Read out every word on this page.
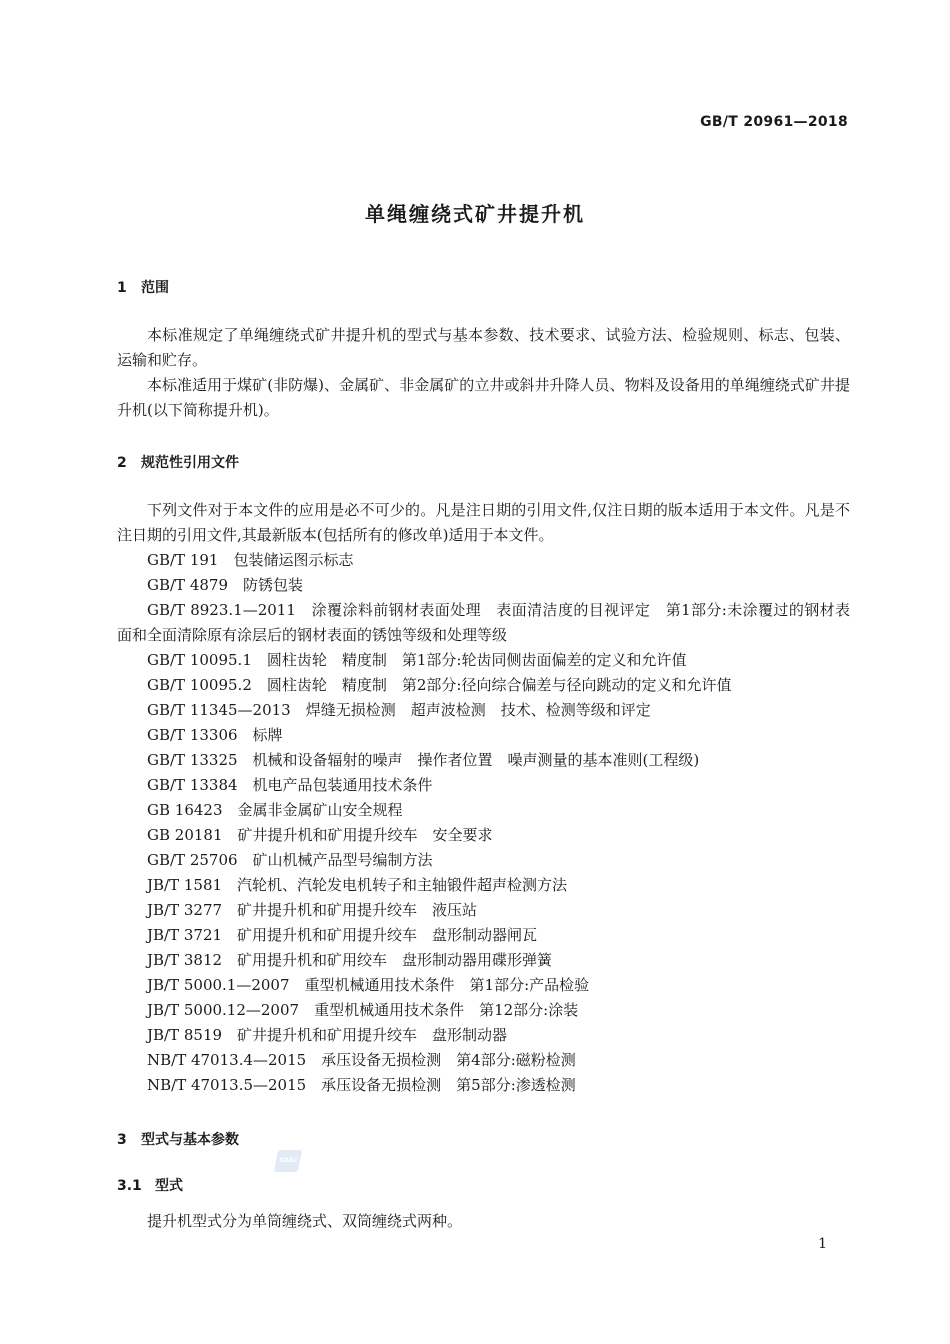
GB/T 20961—2018
单绳缠绕式矿井提升机
1 范围

本标准规定了单绳缠绕式矿井提升机的型式与基本参数、技术要求、试验方法、检验规则、标志、包装、运输和贮存。

本标准适用于煤矿(非防爆)、金属矿、非金属矿的立井或斜井升降人员、物料及设备用的单绳缠绕式矿井提升机(以下简称提升机)。

2 规范性引用文件

下列文件对于本文件的应用是必不可少的。凡是注日期的引用文件,仅注日期的版本适用于本文件。凡是不注日期的引用文件,其最新版本(包括所有的修改单)适用于本文件。

GB/T 191　包装储运图示标志

GB/T 4879　防锈包装

GB/T 8923.1—2011　涂覆涂料前钢材表面处理　表面清洁度的目视评定　第1部分:未涂覆过的钢材表面和全面清除原有涂层后的钢材表面的锈蚀等级和处理等级

GB/T 10095.1　圆柱齿轮　精度制　第1部分:轮齿同侧齿面偏差的定义和允许值

GB/T 10095.2　圆柱齿轮　精度制　第2部分:径向综合偏差与径向跳动的定义和允许值

GB/T 11345—2013　焊缝无损检测　超声波检测　技术、检测等级和评定

GB/T 13306　标牌

GB/T 13325　机械和设备辐射的噪声　操作者位置　噪声测量的基本准则(工程级)

GB/T 13384　机电产品包装通用技术条件

GB 16423　金属非金属矿山安全规程

GB 20181　矿井提升机和矿用提升绞车　安全要求

GB/T 25706　矿山机械产品型号编制方法

JB/T 1581　汽轮机、汽轮发电机转子和主轴锻件超声检测方法

JB/T 3277　矿井提升机和矿用提升绞车　液压站

JB/T 3721　矿用提升机和矿用提升绞车　盘形制动器闸瓦

JB/T 3812　矿用提升机和矿用绞车　盘形制动器用碟形弹簧

JB/T 5000.1—2007　重型机械通用技术条件　第1部分:产品检验

JB/T 5000.12—2007　重型机械通用技术条件　第12部分:涂装

JB/T 8519　矿井提升机和矿用提升绞车　盘形制动器

NB/T 47013.4—2015　承压设备无损检测　第4部分:磁粉检测

NB/T 47013.5—2015　承压设备无损检测　第5部分:渗透检测

3 型式与基本参数
SDAC
3.1 型式

提升机型式分为单筒缠绕式、双筒缠绕式两种。

1
